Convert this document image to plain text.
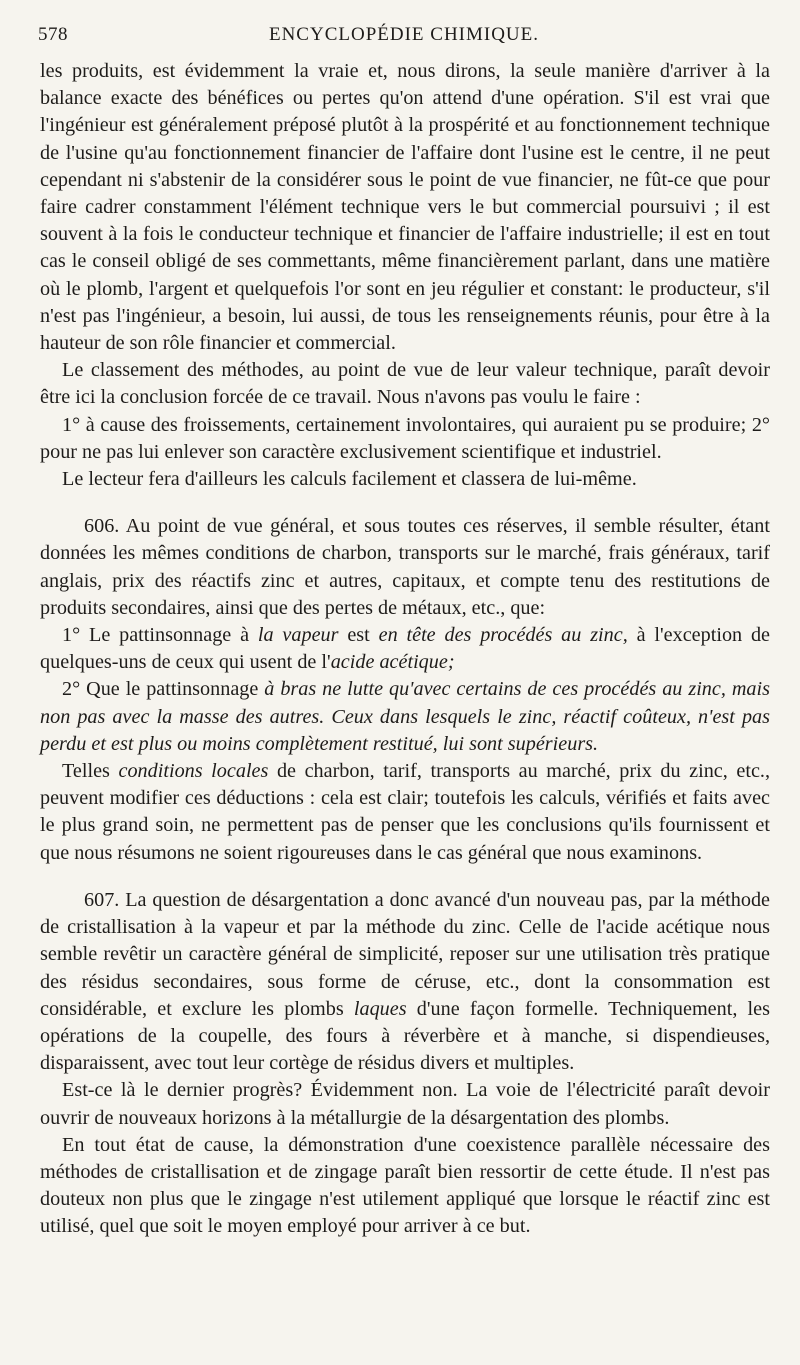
578	ENCYCLOPÉDIE CHIMIQUE.

les produits, est évidemment la vraie et, nous dirons, la seule manière d'arriver à la balance exacte des bénéfices ou pertes qu'on attend d'une opération. S'il est vrai que l'ingénieur est généralement préposé plutôt à la prospérité et au fonctionnement technique de l'usine qu'au fonctionnement financier de l'affaire dont l'usine est le centre, il ne peut cependant ni s'abstenir de la considérer sous le point de vue financier, ne fût-ce que pour faire cadrer constamment l'élément technique vers le but commercial poursuivi ; il est souvent à la fois le conducteur technique et financier de l'affaire industrielle; il est en tout cas le conseil obligé de ses commettants, même financièrement parlant, dans une matière où le plomb, l'argent et quelquefois l'or sont en jeu régulier et constant: le producteur, s'il n'est pas l'ingénieur, a besoin, lui aussi, de tous les renseignements réunis, pour être à la hauteur de son rôle financier et commercial.

Le classement des méthodes, au point de vue de leur valeur technique, paraît devoir être ici la conclusion forcée de ce travail. Nous n'avons pas voulu le faire :

1° à cause des froissements, certainement involontaires, qui auraient pu se produire; 2° pour ne pas lui enlever son caractère exclusivement scientifique et industriel.

Le lecteur fera d'ailleurs les calculs facilement et classera de lui-même.

606. Au point de vue général, et sous toutes ces réserves, il semble résulter, étant données les mêmes conditions de charbon, transports sur le marché, frais généraux, tarif anglais, prix des réactifs zinc et autres, capitaux, et compte tenu des restitutions de produits secondaires, ainsi que des pertes de métaux, etc., que:

1° Le pattinsonnage à la vapeur est en tête des procédés au zinc, à l'exception de quelques-uns de ceux qui usent de l'acide acétique;

2° Que le pattinsonnage à bras ne lutte qu'avec certains de ces procédés au zinc, mais non pas avec la masse des autres. Ceux dans lesquels le zinc, réactif coûteux, n'est pas perdu et est plus ou moins complètement restitué, lui sont supérieurs.

Telles conditions locales de charbon, tarif, transports au marché, prix du zinc, etc., peuvent modifier ces déductions : cela est clair; toutefois les calculs, vérifiés et faits avec le plus grand soin, ne permettent pas de penser que les conclusions qu'ils fournissent et que nous résumons ne soient rigoureuses dans le cas général que nous examinons.

607. La question de désargentation a donc avancé d'un nouveau pas, par la méthode de cristallisation à la vapeur et par la méthode du zinc. Celle de l'acide acétique nous semble revêtir un caractère général de simplicité, reposer sur une utilisation très pratique des résidus secondaires, sous forme de céruse, etc., dont la consommation est considérable, et exclure les plombs laques d'une façon formelle. Techniquement, les opérations de la coupelle, des fours à réverbère et à manche, si dispendieuses, disparaissent, avec tout leur cortège de résidus divers et multiples.

Est-ce là le dernier progrès? Évidemment non. La voie de l'électricité paraît devoir ouvrir de nouveaux horizons à la métallurgie de la désargentation des plombs.

En tout état de cause, la démonstration d'une coexistence parallèle nécessaire des méthodes de cristallisation et de zingage paraît bien ressortir de cette étude. Il n'est pas douteux non plus que le zingage n'est utilement appliqué que lorsque le réactif zinc est utilisé, quel que soit le moyen employé pour arriver à ce but.
